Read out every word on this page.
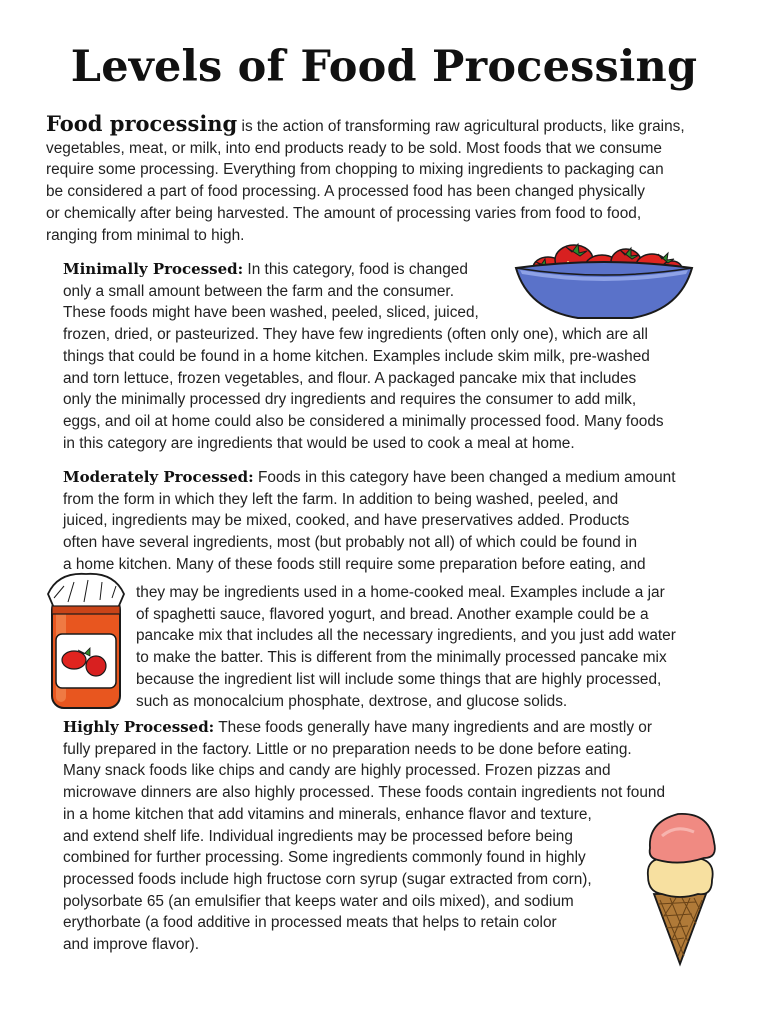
Levels of Food Processing
Food processing is the action of transforming raw agricultural products, like grains,
vegetables, meat, or milk, into end products ready to be sold. Most foods that we consume
require some processing. Everything from chopping to mixing ingredients to packaging can
be considered a part of food processing. A processed food has been changed physically
or chemically after being harvested. The amount of processing varies from food to food,
ranging from minimal to high.
Minimally Processed: In this category, food is changed
only a small amount between the farm and the consumer.
These foods might have been washed, peeled, sliced, juiced,
frozen, dried, or pasteurized. They have few ingredients (often only one), which are all
things that could be found in a home kitchen. Examples include skim milk, pre-washed
and torn lettuce, frozen vegetables, and flour. A packaged pancake mix that includes
only the minimally processed dry ingredients and requires the consumer to add milk,
eggs, and oil at home could also be considered a minimally processed food. Many foods
in this category are ingredients that would be used to cook a meal at home.
Moderately Processed: Foods in this category have been changed a medium amount
from the form in which they left the farm. In addition to being washed, peeled, and
juiced, ingredients may be mixed, cooked, and have preservatives added. Products
often have several ingredients, most (but probably not all) of which could be found in
a home kitchen. Many of these foods still require some preparation before eating, and
they may be ingredients used in a home-cooked meal. Examples include a jar
of spaghetti sauce, flavored yogurt, and bread. Another example could be a
pancake mix that includes all the necessary ingredients, and you just add water
to make the batter. This is different from the minimally processed pancake mix
because the ingredient list will include some things that are highly processed,
such as monocalcium phosphate, dextrose, and glucose solids.
Highly Processed: These foods generally have many ingredients and are mostly or
fully prepared in the factory. Little or no preparation needs to be done before eating.
Many snack foods like chips and candy are highly processed. Frozen pizzas and
microwave dinners are also highly processed. These foods contain ingredients not found
in a home kitchen that add vitamins and minerals, enhance flavor and texture,
and extend shelf life. Individual ingredients may be processed before being
combined for further processing. Some ingredients commonly found in highly
processed foods include high fructose corn syrup (sugar extracted from corn),
polysorbate 65 (an emulsifier that keeps water and oils mixed), and sodium
erythorbate (a food additive in processed meats that helps to retain color
and improve flavor).
